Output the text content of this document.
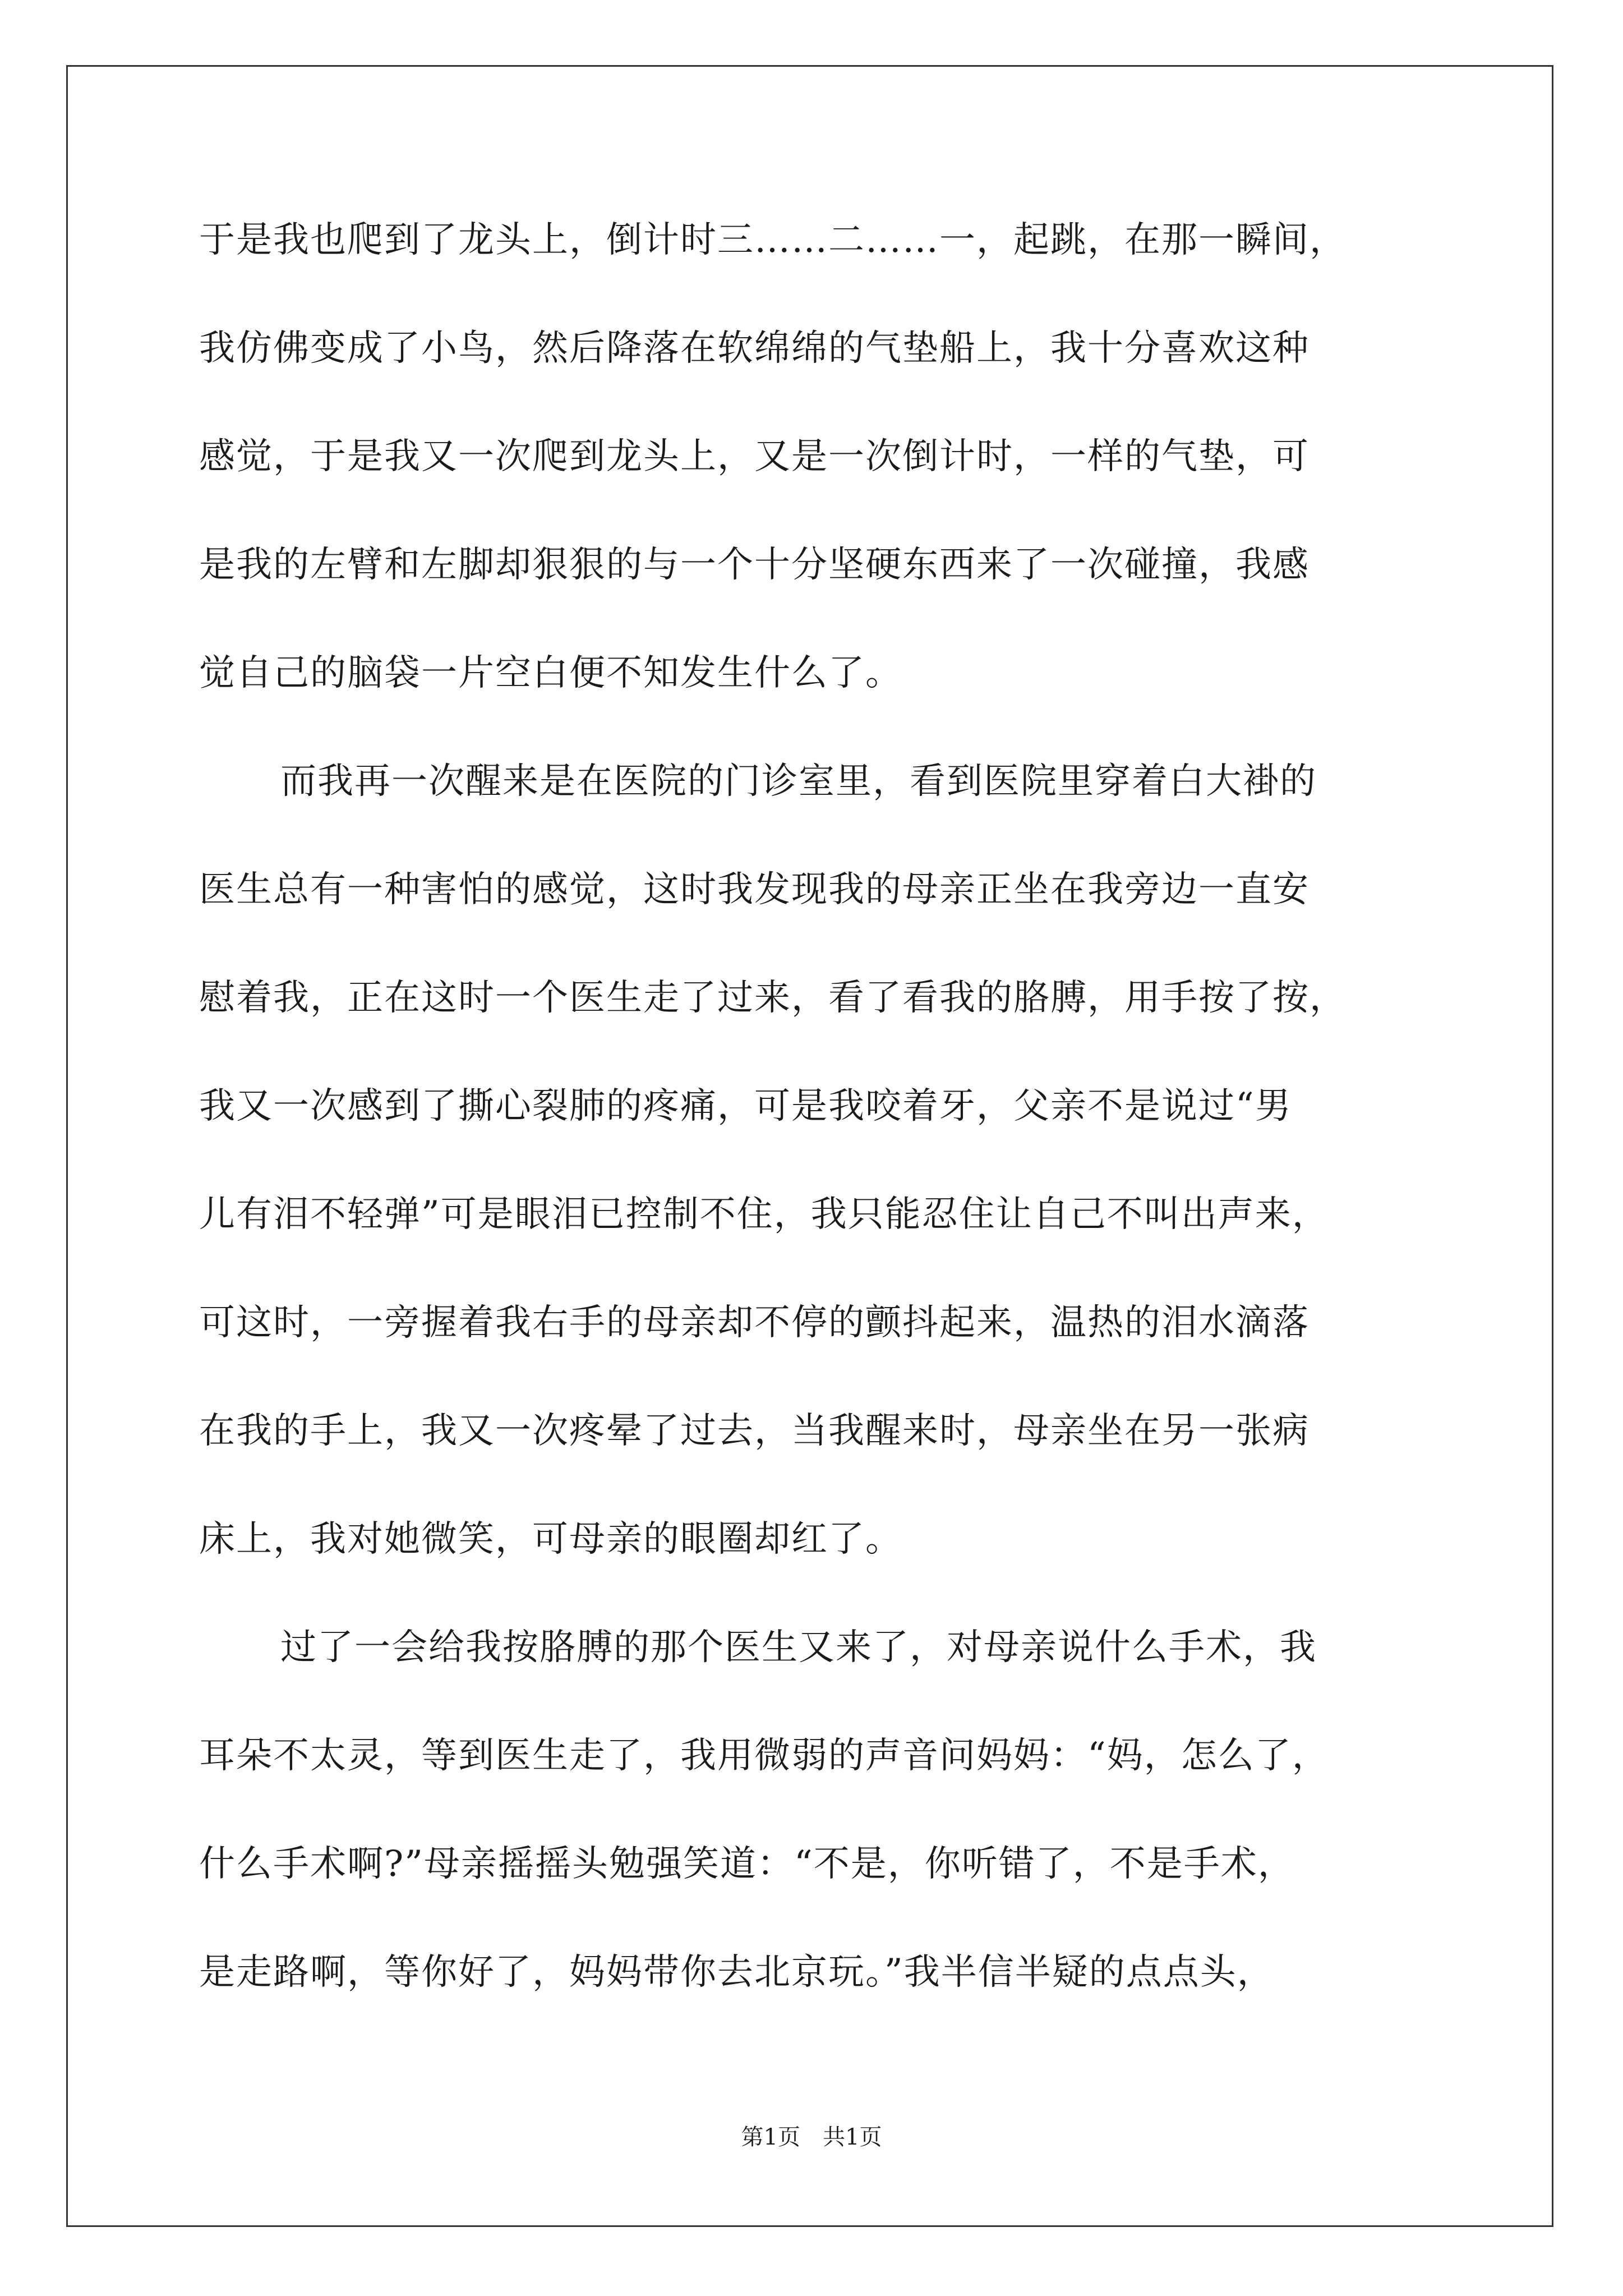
于是我也爬到了龙头上，倒计时三……二……一，起跳，在那一瞬间，
我仿佛变成了小鸟，然后降落在软绵绵的气垫船上，我十分喜欢这种
感觉，于是我又一次爬到龙头上，又是一次倒计时，一样的气垫，可
是我的左臂和左脚却狠狠的与一个十分坚硬东西来了一次碰撞，我感
觉自己的脑袋一片空白便不知发生什么了。
而我再一次醒来是在医院的门诊室里，看到医院里穿着白大褂的
医生总有一种害怕的感觉，这时我发现我的母亲正坐在我旁边一直安
慰着我，正在这时一个医生走了过来，看了看我的胳膊，用手按了按，
我又一次感到了撕心裂肺的疼痛，可是我咬着牙，父亲不是说过“男
儿有泪不轻弹”可是眼泪已控制不住，我只能忍住让自己不叫出声来，
可这时，一旁握着我右手的母亲却不停的颤抖起来，温热的泪水滴落
在我的手上，我又一次疼晕了过去，当我醒来时，母亲坐在另一张病
床上，我对她微笑，可母亲的眼圈却红了。
过了一会给我按胳膊的那个医生又来了，对母亲说什么手术，我
耳朵不太灵，等到医生走了，我用微弱的声音问妈妈：“妈，怎么了，
什么手术啊?”母亲摇摇头勉强笑道：“不是，你听错了，不是手术，
是走路啊，等你好了，妈妈带你去北京玩。”我半信半疑的点点头，
第1页 共1页
